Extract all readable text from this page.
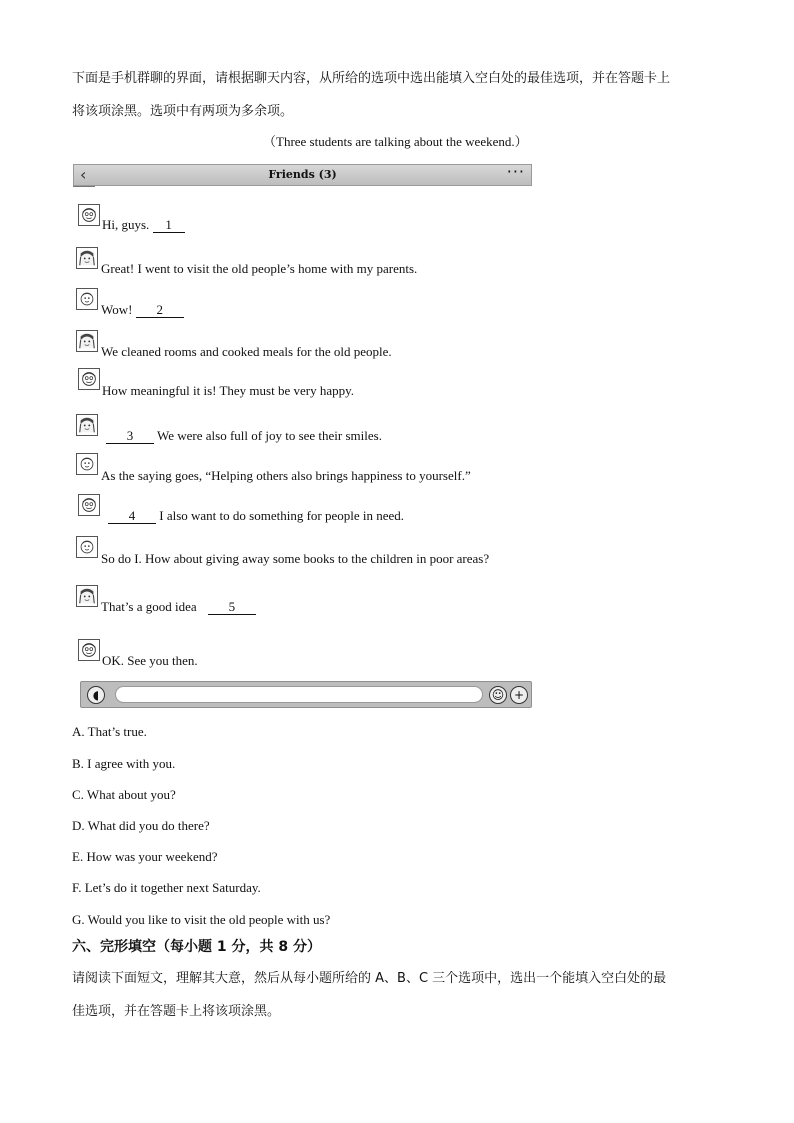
下面是手机群聊的界面，请根据聊天内容，从所给的选项中选出能填入空白处的最佳选项，并在答题卡上
将该项涂黑。选项中有两项为多余项。
（Three students are talking about the weekend.）
‹	Friends (3)	···
Hi, guys. 1
Great! I went to visit the old people’s home with my parents.
Wow! 2
We cleaned rooms and cooked meals for the old people.
How meaningful it is! They must be very happy.
3 We were also full of joy to see their smiles.
As the saying goes, “Helping others also brings happiness to yourself.”
4 I also want to do something for people in need.
So do I. How about giving away some books to the children in poor areas?
That’s a good idea 5
OK. See you then.
◖	☺ +
A. That’s true.
B. I agree with you.
C. What about you?
D. What did you do there?
E. How was your weekend?
F. Let’s do it together next Saturday.
G. Would you like to visit the old people with us?
六、完形填空（每小题 1 分，共 8 分）
请阅读下面短文，理解其大意，然后从每小题所给的 A、B、C 三个选项中，选出一个能填入空白处的最
佳选项，并在答题卡上将该项涂黑。
